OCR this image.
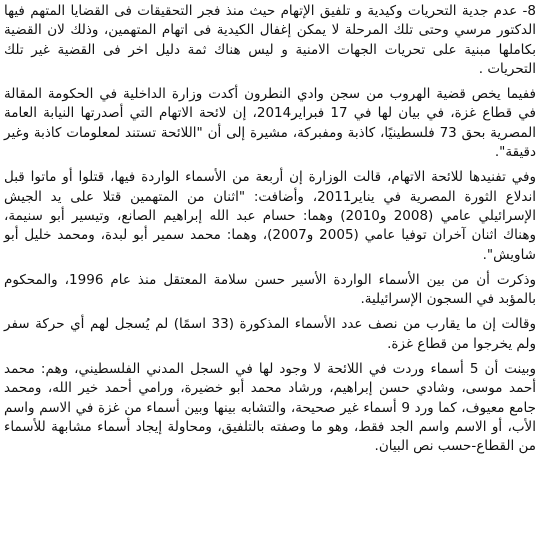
8- عدم جدية التحريات وكيدية و تلفيق الإتهام حيث منذ فجر التحقيقات فى القضايا المتهم فيها الدكتور مرسي وحتى تلك المرحلة لا يمكن إغفال الكيدية فى اتهام المتهمين، وذلك لان القضية بكاملها مبنية على تحريات الجهات الامنية و ليس هناك ثمة دليل اخر فى القضية غير تلك التحريات .

ففيما يخص قضية الهروب من سجن وادي النطرون أكدت وزارة الداخلية في الحكومة المقالة في قطاع غزة، في بيان لها في 17 فبراير2014، إن لائحة الاتهام التي أصدرتها النيابة العامة المصرية بحق 73 فلسطينيًا، كاذبة ومفبركة، مشيرة إلى أن "اللائحة تستند لمعلومات كاذبة وغير دقيقة".

وفي تفنيدها للائحة الاتهام، قالت الوزارة إن أربعة من الأسماء الواردة فيها، قتلوا أو ماتوا قبل اندلاع الثورة المصرية في يناير2011، وأضافت: "اثنان من المتهمين قتلا على يد الجيش الإسرائيلي عامي (2008 و2010) وهما: حسام عبد الله إبراهيم الصانع، وتيسير أبو سنيمة، وهناك اثنان آخران توفيا عامي (2005 و2007)، وهما: محمد سمير أبو لبدة، ومحمد خليل أبو شاويش".

وذكرت أن من بين الأسماء الواردة الأسير حسن سلامة المعتقل منذ عام 1996، والمحكوم بالمؤبد في السجون الإسرائيلية.

وقالت إن ما يقارب من نصف عدد الأسماء المذكورة (33 اسمًا) لم يُسجل لهم أي حركة سفر ولم يخرجوا من قطاع غزة.

وبينت أن 5 أسماء وردت في اللائحة لا وجود لها في السجل المدني الفلسطيني، وهم: محمد أحمد موسى، وشادي حسن إبراهيم، ورشاد محمد أبو خضيرة، ورامي أحمد خير الله، ومحمد جامع معيوف، كما ورد 9 أسماء غير صحيحة، والتشابه بينها وبين أسماء من غزة في الاسم واسم الأب، أو الاسم واسم الجد فقط، وهو ما وصفته بالتلفيق، ومحاولة إيجاد أسماء مشابهة للأسماء من القطاع-حسب نص البيان.
